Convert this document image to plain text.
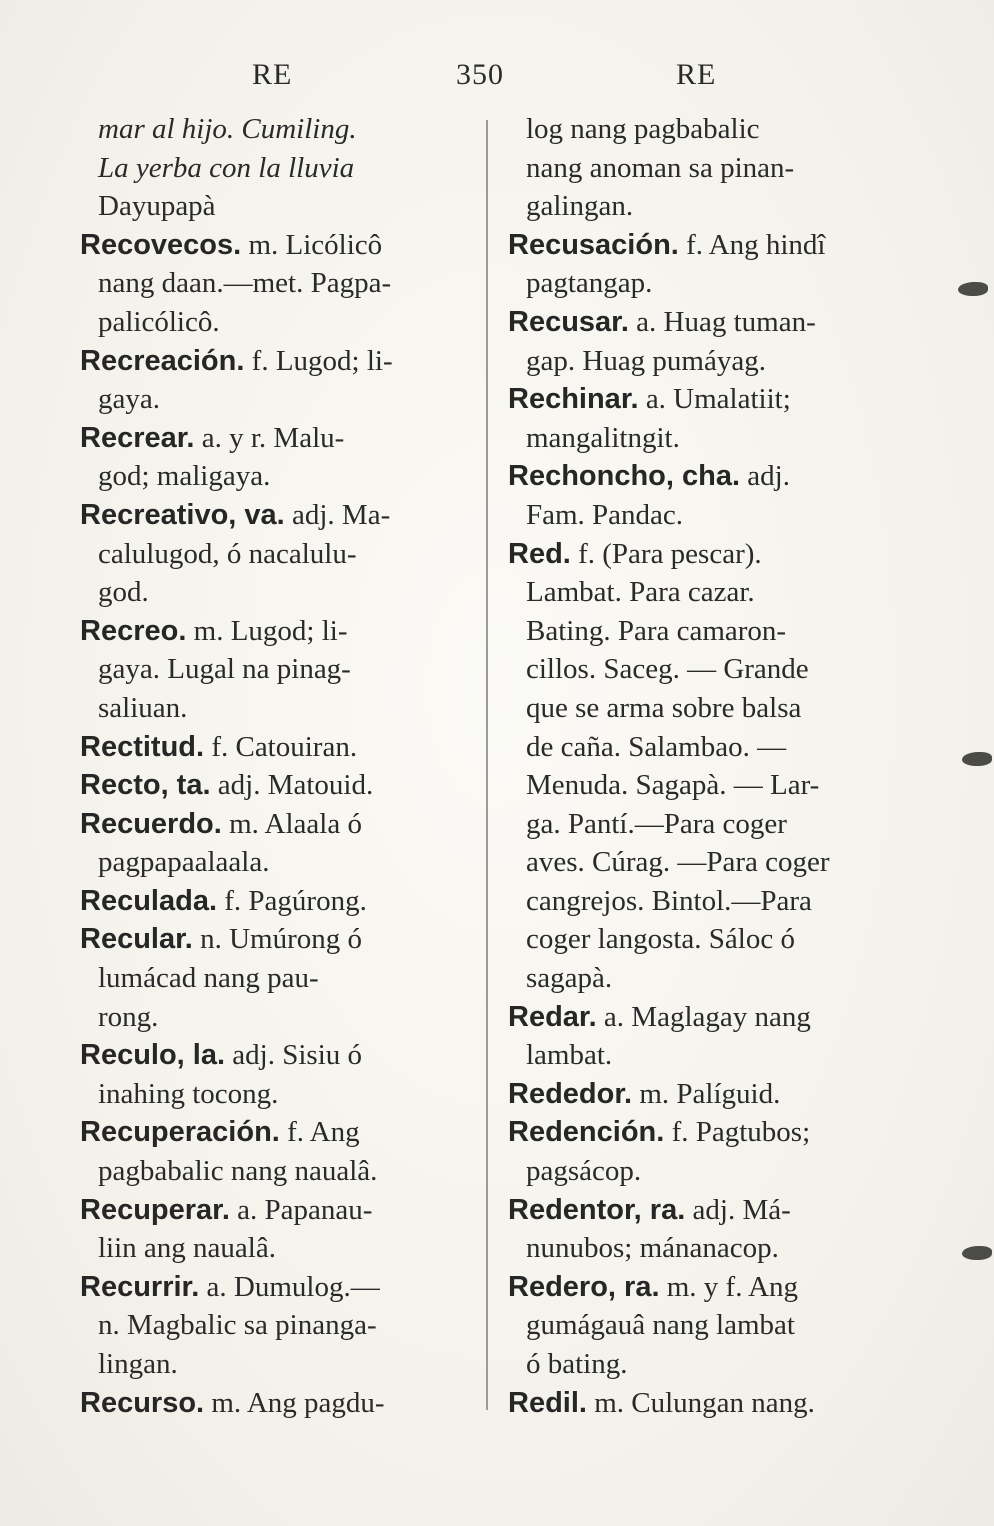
RE	350	RE
mar al hijo. Cumiling.
La yerba con la lluvia
Dayupapà
Recovecos. m. Licólicô
nang daan.—met. Pagpa-
palicólicô.
Recreación. f. Lugod; li-
gaya.
Recrear. a. y r. Malu-
god; maligaya.
Recreativo, va. adj. Ma-
calulugod, ó nacalulu-
god.
Recreo. m. Lugod; li-
gaya. Lugal na pinag-
saliuan.
Rectitud. f. Catouiran.
Recto, ta. adj. Matouid.
Recuerdo. m. Alaala ó
pagpapaalaala.
Reculada. f. Pagúrong.
Recular. n. Umúrong ó
lumácad nang pau-
rong.
Reculo, la. adj. Sisiu ó
inahing tocong.
Recuperación. f. Ang
pagbabalic nang naualâ.
Recuperar. a. Papanau-
liin ang naualâ.
Recurrir. a. Dumulog.—
n. Magbalic sa pinanga-
lingan.
Recurso. m. Ang pagdu-
log nang pagbabalic
nang anoman sa pinan-
galingan.
Recusación. f. Ang hindî
pagtangap.
Recusar. a. Huag tuman-
gap. Huag pumáyag.
Rechinar. a. Umalatiit;
mangalitngit.
Rechoncho, cha. adj.
Fam. Pandac.
Red. f. (Para pescar).
Lambat. Para cazar.
Bating. Para camaron-
cillos. Saceg. — Grande
que se arma sobre balsa
de caña. Salambao. —
Menuda. Sagapà. — Lar-
ga. Pantí.—Para coger
aves. Cúrag. —Para coger
cangrejos. Bintol.—Para
coger langosta. Sáloc ó
sagapà.
Redar. a. Maglagay nang
lambat.
Rededor. m. Palíguid.
Redención. f. Pagtubos;
pagsácop.
Redentor, ra. adj. Má-
nunubos; mánanacop.
Redero, ra. m. y f. Ang
gumágauâ nang lambat
ó bating.
Redil. m. Culungan nang.
